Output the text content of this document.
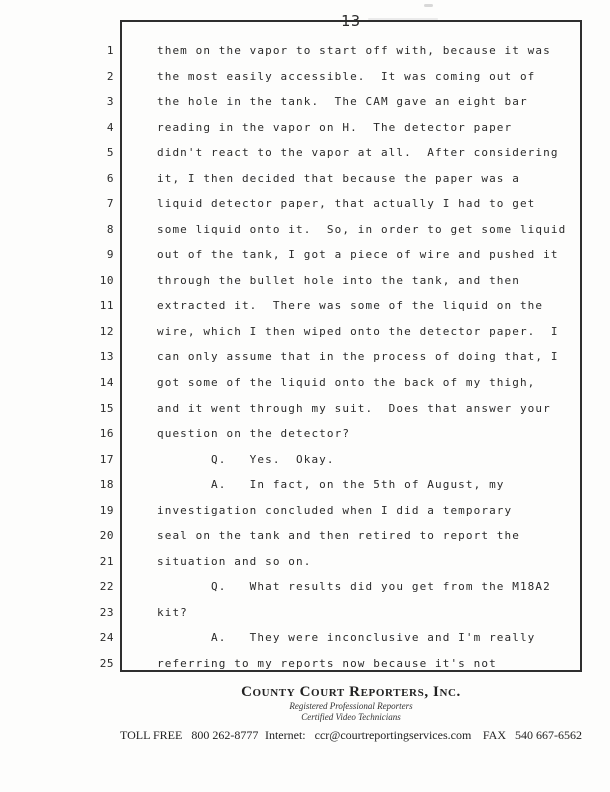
13
1	them on the vapor to start off with, because it was
2	the most easily accessible.  It was coming out of
3	the hole in the tank.  The CAM gave an eight bar
4	reading in the vapor on H.  The detector paper
5	didn't react to the vapor at all.  After considering
6	it, I then decided that because the paper was a
7	liquid detector paper, that actually I had to get
8	some liquid onto it.  So, in order to get some liquid
9	out of the tank, I got a piece of wire and pushed it
10	through the bullet hole into the tank, and then
11	extracted it.  There was some of the liquid on the
12	wire, which I then wiped onto the detector paper.  I
13	can only assume that in the process of doing that, I
14	got some of the liquid onto the back of my thigh,
15	and it went through my suit.  Does that answer your
16	question on the detector?
17	Q.   Yes.  Okay.
18	A.   In fact, on the 5th of August, my
19	investigation concluded when I did a temporary
20	seal on the tank and then retired to report the
21	situation and so on.
22	Q.   What results did you get from the M18A2
23	kit?
24	A.   They were inconclusive and I'm really
25	referring to my reports now because it's not
County Court Reporters, Inc.
Registered Professional Reporters
Certified Video Technicians
TOLL FREE 800 262-8777 Internet: ccr@courtreportingservices.com FAX 540 667-6562
